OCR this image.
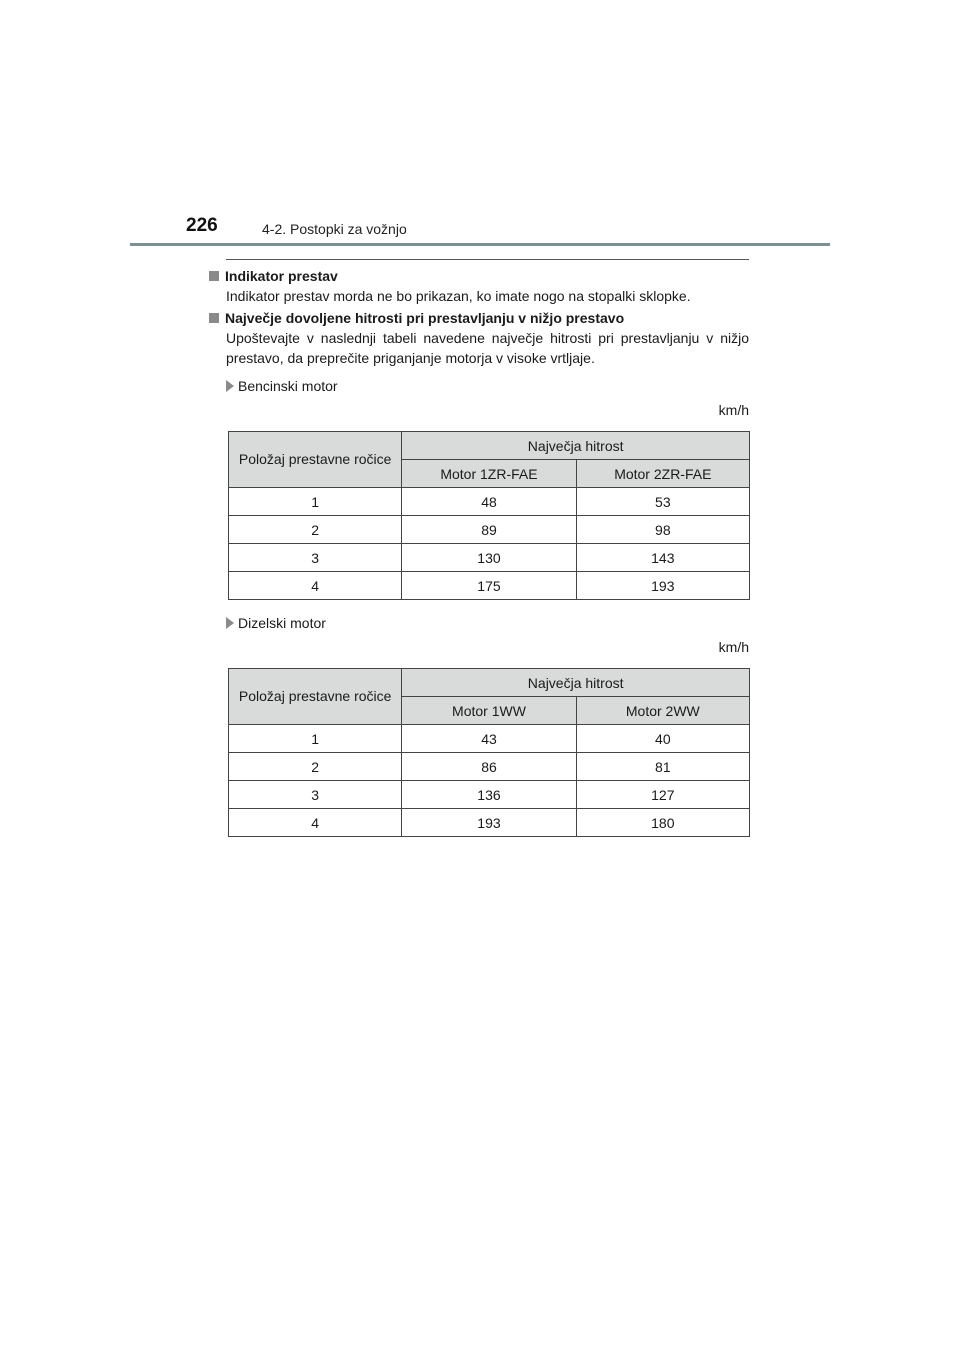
226	4-2. Postopki za vožnjo
Indikator prestav
Indikator prestav morda ne bo prikazan, ko imate nogo na stopalki sklopke.
Največje dovoljene hitrosti pri prestavljanju v nižjo prestavo
Upoštevajte v naslednji tabeli navedene največje hitrosti pri prestavljanju v nižjo prestavo, da preprečite priganjanje motorja v visoke vrtljaje.
Bencinski motor
km/h
Položaj prestavne ročice	Največja hitrost	
	Motor 1ZR-FAE	Motor 2ZR-FAE
1	48	53
2	89	98
3	130	143
4	175	193
Dizelski motor
km/h
Položaj prestavne ročice	Največja hitrost	
	Motor 1WW	Motor 2WW
1	43	40
2	86	81
3	136	127
4	193	180
